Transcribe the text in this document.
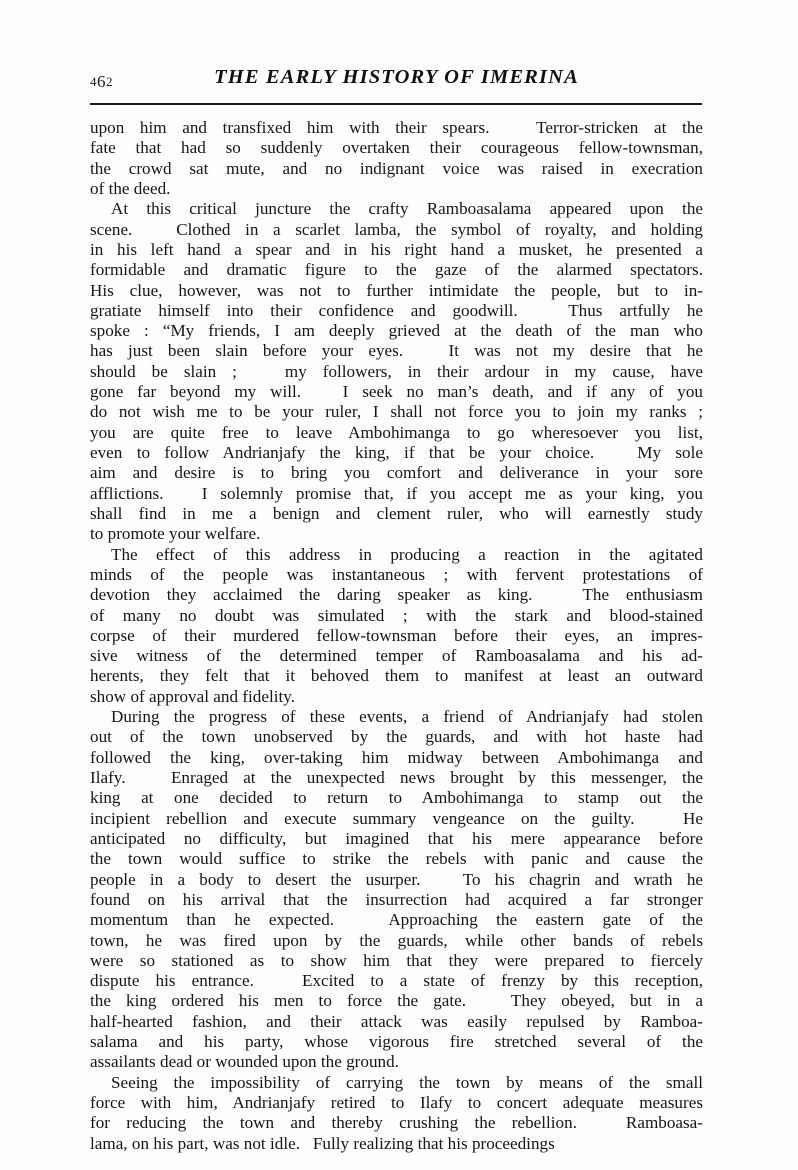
462	THE EARLY HISTORY OF IMERINA

upon him and transfixed him with their spears.   Terror-stricken at the
fate that had so suddenly overtaken their courageous fellow-townsman,
the crowd sat mute, and no indignant voice was raised in execration
of the deed.

At this critical juncture the crafty Ramboasalama appeared upon the
scene.   Clothed in a scarlet lamba, the symbol of royalty, and holding
in his left hand a spear and in his right hand a musket, he presented a
formidable and dramatic figure to the gaze of the alarmed spectators.
His clue, however, was not to further intimidate the people, but to in-
gratiate himself into their confidence and goodwill.   Thus artfully he
spoke : “My friends, I am deeply grieved at the death of the man who
has just been slain before your eyes.   It was not my desire that he
should be slain ;   my followers, in their ardour in my cause, have
gone far beyond my will.   I seek no man’s death, and if any of you
do not wish me to be your ruler, I shall not force you to join my ranks ;
you are quite free to leave Ambohimanga to go wheresoever you list,
even to follow Andrianjafy the king, if that be your choice.   My sole
aim and desire is to bring you comfort and deliverance in your sore
afflictions.   I solemnly promise that, if you accept me as your king, you
shall find in me a benign and clement ruler, who will earnestly study
to promote your welfare.

The effect of this address in producing a reaction in the agitated
minds of the people was instantaneous ; with fervent protestations of
devotion they acclaimed the daring speaker as king.   The enthusiasm
of many no doubt was simulated ; with the stark and blood-stained
corpse of their murdered fellow-townsman before their eyes, an impres-
sive witness of the determined temper of Ramboasalama and his ad-
herents, they felt that it behoved them to manifest at least an outward
show of approval and fidelity.

During the progress of these events, a friend of Andrianjafy had stolen
out of the town unobserved by the guards, and with hot haste had
followed the king, over-taking him midway between Ambohimanga and
Ilafy.   Enraged at the unexpected news brought by this messenger, the
king at one decided to return to Ambohimanga to stamp out the
incipient rebellion and execute summary vengeance on the guilty.   He
anticipated no difficulty, but imagined that his mere appearance before
the town would suffice to strike the rebels with panic and cause the
people in a body to desert the usurper.   To his chagrin and wrath he
found on his arrival that the insurrection had acquired a far stronger
momentum than he expected.   Approaching the eastern gate of the
town, he was fired upon by the guards, while other bands of rebels
were so stationed as to show him that they were prepared to fiercely
dispute his entrance.   Excited to a state of frenzy by this reception,
the king ordered his men to force the gate.   They obeyed, but in a
half-hearted fashion, and their attack was easily repulsed by Ramboa-
salama and his party, whose vigorous fire stretched several of the
assailants dead or wounded upon the ground.

Seeing the impossibility of carrying the town by means of the small
force with him, Andrianjafy retired to Ilafy to concert adequate measures
for reducing the town and thereby crushing the rebellion.   Ramboasa-
lama, on his part, was not idle.   Fully realizing that his proceedings
